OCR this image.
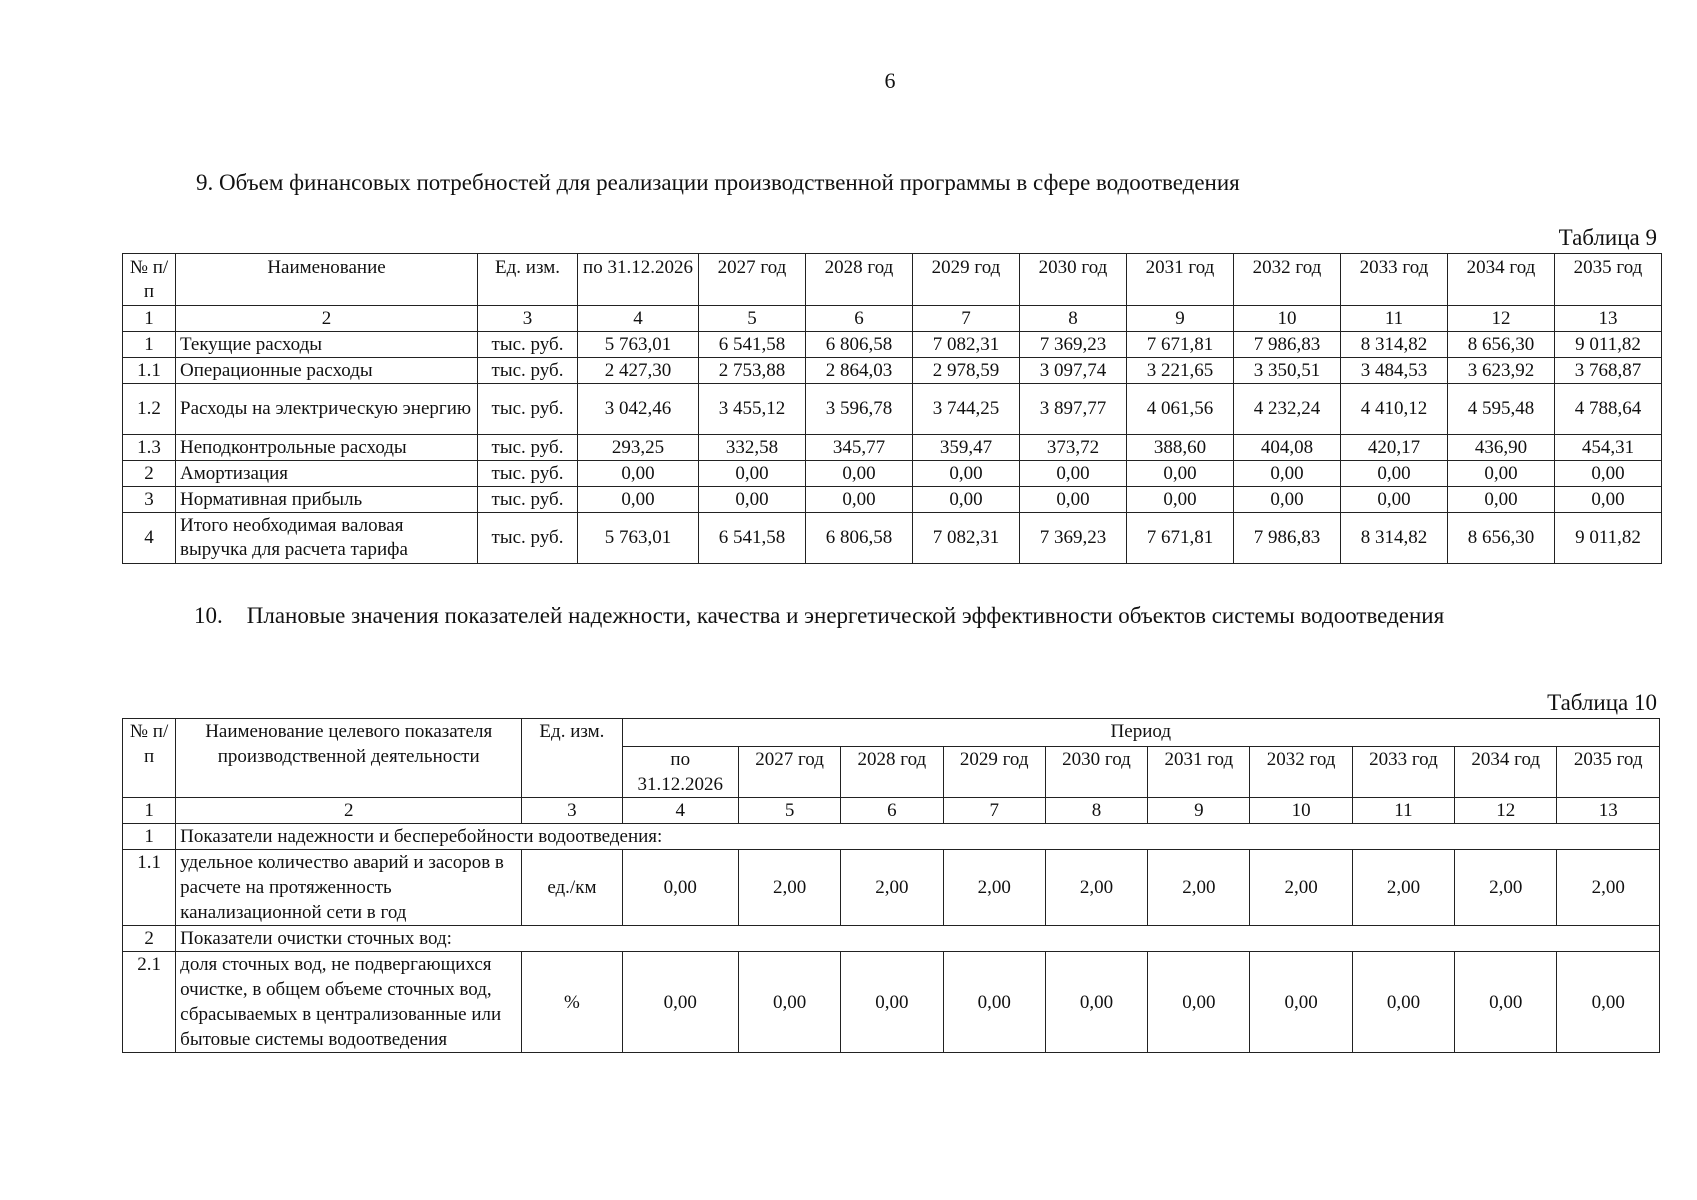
6
9. Объем финансовых потребностей для реализации производственной программы в сфере водоотведения
Таблица 9
№ п/п	Наименование	Ед. изм.	по 31.12.2026	2027 год	2028 год	2029 год	2030 год	2031 год	2032 год	2033 год	2034 год	2035 год
1	2	3	4	5	6	7	8	9	10	11	12	13
1	Текущие расходы	тыс. руб.	5 763,01	6 541,58	6 806,58	7 082,31	7 369,23	7 671,81	7 986,83	8 314,82	8 656,30	9 011,82
1.1	Операционные расходы	тыс. руб.	2 427,30	2 753,88	2 864,03	2 978,59	3 097,74	3 221,65	3 350,51	3 484,53	3 623,92	3 768,87
1.2	Расходы на электрическую энергию	тыс. руб.	3 042,46	3 455,12	3 596,78	3 744,25	3 897,77	4 061,56	4 232,24	4 410,12	4 595,48	4 788,64
1.3	Неподконтрольные расходы	тыс. руб.	293,25	332,58	345,77	359,47	373,72	388,60	404,08	420,17	436,90	454,31
2	Амортизация	тыс. руб.	0,00	0,00	0,00	0,00	0,00	0,00	0,00	0,00	0,00	0,00
3	Нормативная прибыль	тыс. руб.	0,00	0,00	0,00	0,00	0,00	0,00	0,00	0,00	0,00	0,00
4	Итого необходимая валовая выручка для расчета тарифа	тыс. руб.	5 763,01	6 541,58	6 806,58	7 082,31	7 369,23	7 671,81	7 986,83	8 314,82	8 656,30	9 011,82
10. Плановые значения показателей надежности, качества и энергетической эффективности объектов системы водоотведения
Таблица 10
№ п/п	Наименование целевого показателя производственной деятельности	Ед. изм.	Период									
			по 31.12.2026	2027 год	2028 год	2029 год	2030 год	2031 год	2032 год	2033 год	2034 год	2035 год
1	2	3	4	5	6	7	8	9	10	11	12	13
1	Показатели надежности и бесперебойности водоотведения:											
1.1	удельное количество аварий и засоров в расчете на протяженность канализационной сети в год	ед./км	0,00	2,00	2,00	2,00	2,00	2,00	2,00	2,00	2,00	2,00
2	Показатели очистки сточных вод:											
2.1	доля сточных вод, не подвергающихся очистке, в общем объеме сточных вод, сбрасываемых в централизованные или бытовые системы водоотведения	%	0,00	0,00	0,00	0,00	0,00	0,00	0,00	0,00	0,00	0,00
